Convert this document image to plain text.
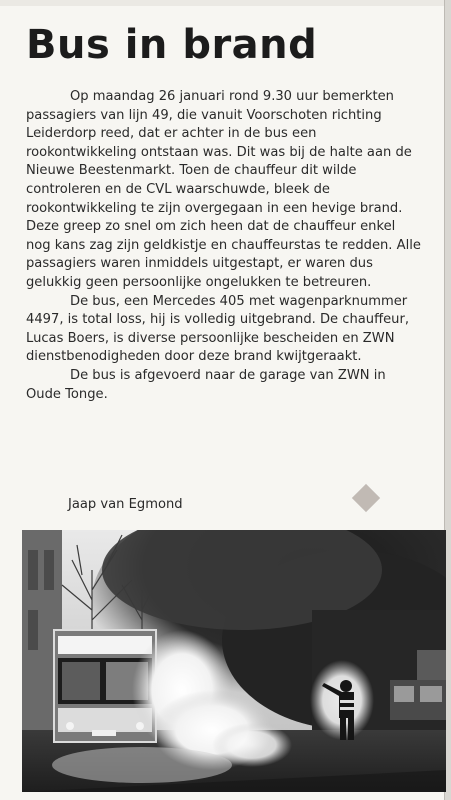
Bus in brand

Op maandag 26 januari rond 9.30 uur bemerkten passagiers van lijn 49, die vanuit Voorschoten richting Leiderdorp reed, dat er achter in de bus een rookontwikkeling ontstaan was. Dit was bij de halte aan de Nieuwe Beestenmarkt. Toen de chauffeur dit wilde controleren en de CVL waarschuwde, bleek de rookontwikkeling te zijn overgegaan in een hevige brand. Deze greep zo snel om zich heen dat de chauffeur enkel nog kans zag zijn geldkistje en chauffeurstas te redden. Alle passagiers waren inmiddels uitgestapt, er waren dus gelukkig geen persoonlijke ongelukken te betreuren.

De bus, een Mercedes 405 met wagenparknummer 4497, is total loss, hij is volledig uitgebrand. De chauffeur, Lucas Boers, is diverse persoonlijke bescheiden en ZWN dienstbenodigheden door deze brand kwijtgeraakt.

De bus is afgevoerd naar de garage van ZWN in Oude Tonge.

Jaap van Egmond
